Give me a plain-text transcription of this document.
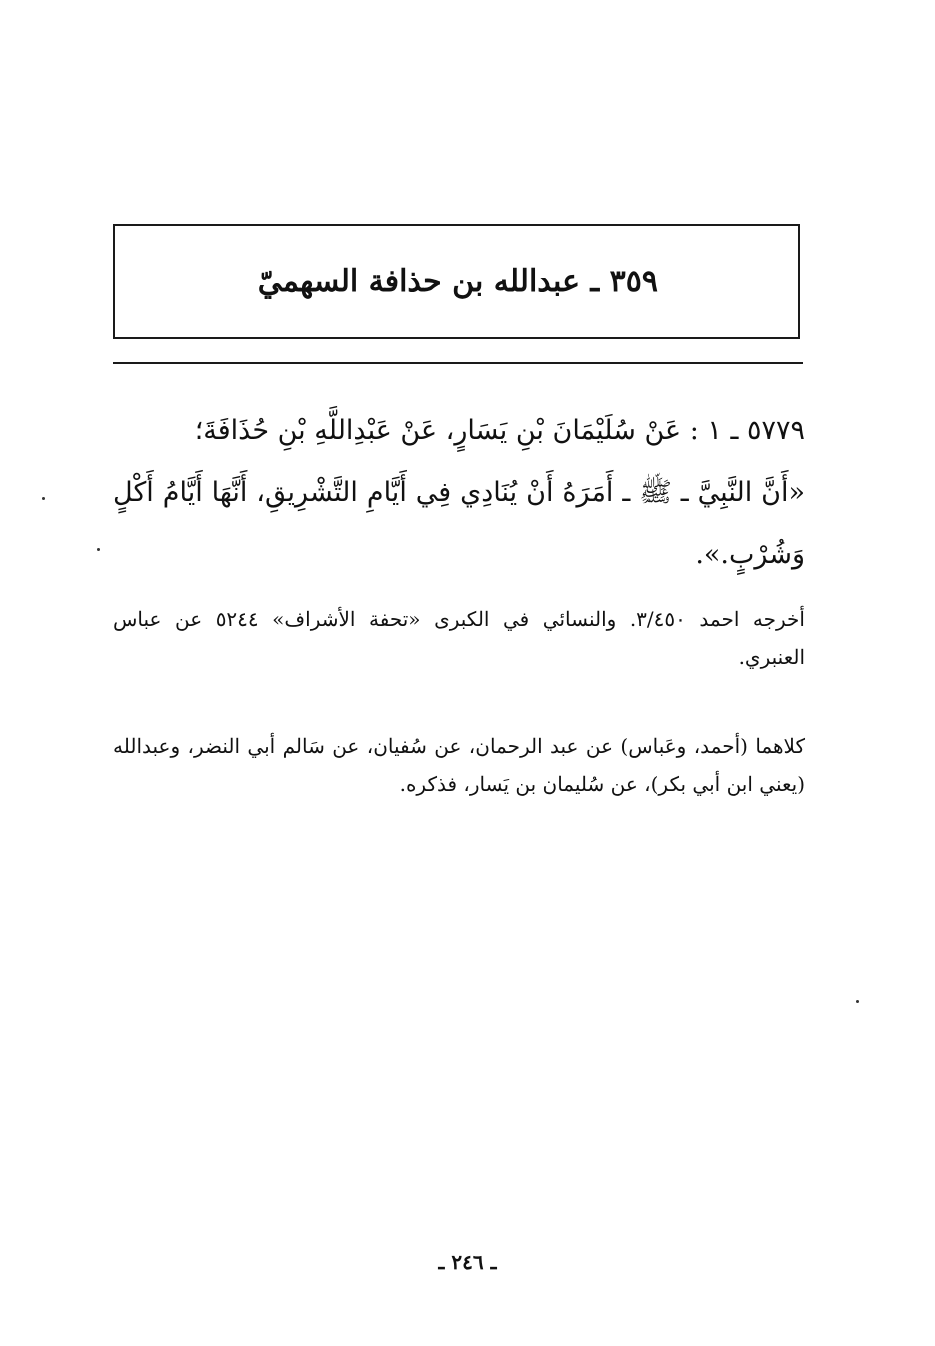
٣٥٩ ـ عبدالله بن حذافة السهميّ

٥٧٧٩ ـ ١ : عَنْ سُلَيْمَانَ بْنِ يَسَارٍ، عَنْ عَبْدِاللَّهِ بْنِ حُذَافَةَ؛

«أَنَّ النَّبِيَّ ـ ﷺ ـ أَمَرَهُ أَنْ يُنَادِي فِي أَيَّامِ التَّشْرِيقِ، أَنَّهَا أَيَّامُ أَكْلٍ وَشُرْبٍ.».

أخرجه احمد ٣/٤٥٠. والنسائي في الكبرى «تحفة الأشراف» ٥٢٤٤ عن عباس العنبري.

كلاهما (أحمد، وعَباس) عن عبد الرحمان، عن سُفيان، عن سَالم أبي النضر، وعبدالله (يعني ابن أبي بكر)، عن سُليمان بن يَسار، فذكره.

ـ ٢٤٦ ـ
